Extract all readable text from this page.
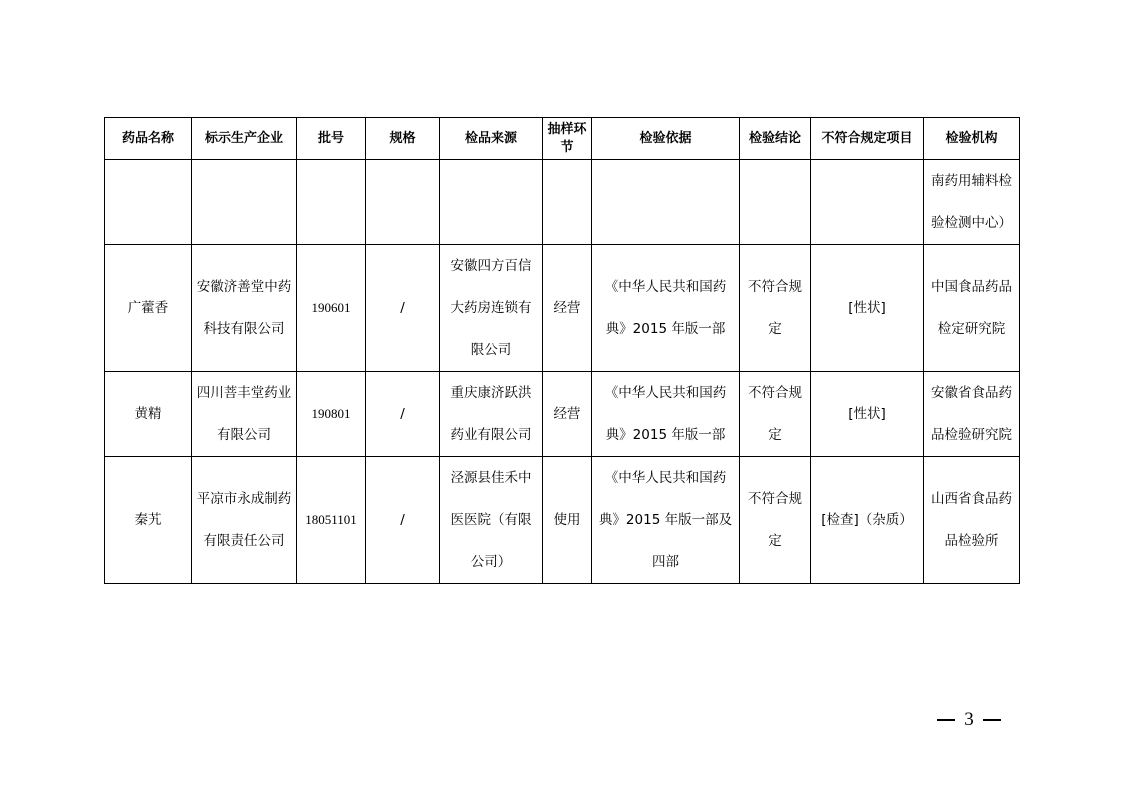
药品名称	标示生产企业	批号	规格	检品来源	抽样环节	检验依据	检验结论	不符合规定项目	检验机构

									南药用辅料检验检测中心）

广藿香	安徽济善堂中药科技有限公司	190601	/	安徽四方百信大药房连锁有限公司	经营	《中华人民共和国药典》2015 年版一部	不符合规定	[性状]	中国食品药品检定研究院

黄精	四川菩丰堂药业有限公司	190801	/	重庆康济跃洪药业有限公司	经营	《中华人民共和国药典》2015 年版一部	不符合规定	[性状]	安徽省食品药品检验研究院

秦艽	平凉市永成制药有限责任公司	18051101	/	泾源县佳禾中医医院（有限公司）	使用	《中华人民共和国药典》2015 年版一部及四部	不符合规定	[检查]（杂质）	山西省食品药品检验所
3
